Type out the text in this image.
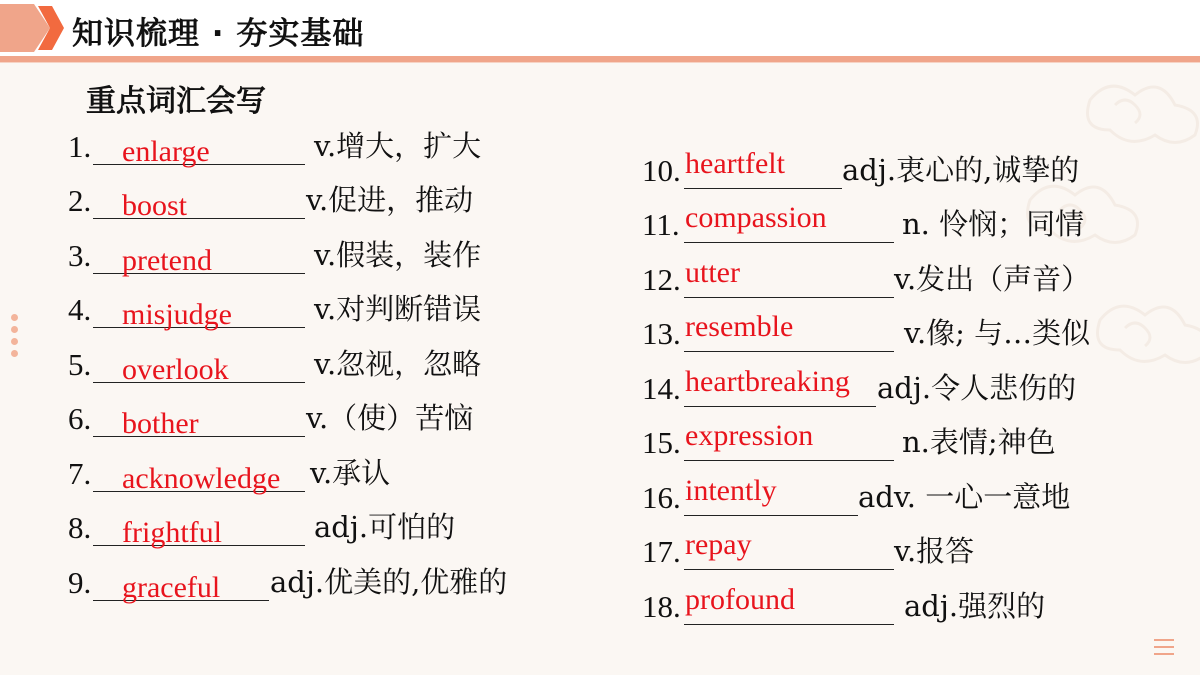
知识梳理 · 夯实基础
重点词汇会写
1. enlarge	v.增大，扩大
2. boost	v.促进，推动
3. pretend	v.假装，装作
4. misjudge	v.对判断错误
5. overlook	v.忽视，忽略
6. bother	v.（使）苦恼
7. acknowledge v.承认
8. frightful	adj.可怕的
9. graceful adj.优美的,优雅的
10. heartfelt adj.衷心的,诚挚的
11. compassion	n. 怜悯；同情
12. utter	v.发出（声音）
13. resemble	v.像; 与…类似
14. heartbreaking adj.令人悲伤的
15. expression	n.表情;神色
16. intently	adv. 一心一意地
17. repay	v.报答
18. profound	adj.强烈的
